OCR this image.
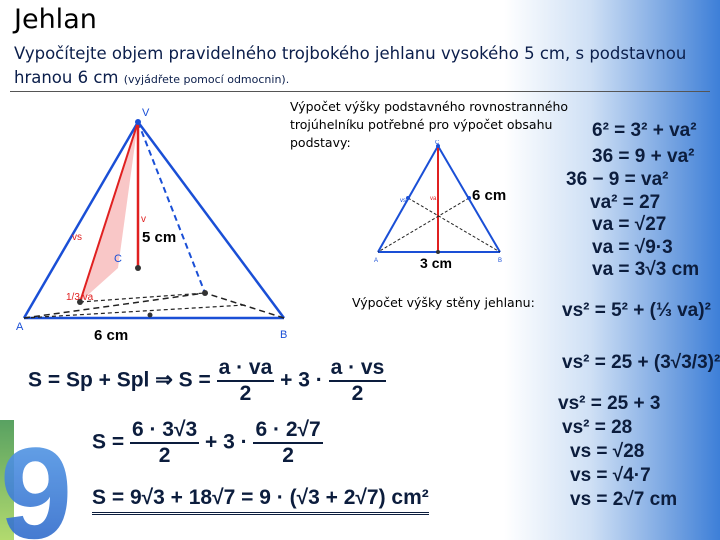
Jehlan
Vypočítejte objem pravidelného trojbokého jehlanu vysokého 5 cm, s podstavnou hranou 6 cm (vyjádřete pomocí odmocnin).
V
A
B
C
vs
v
5 cm
1/3 va
6 cm
Výpočet výšky podstavného rovnostranného trojúhelníku potřebné pro výpočet obsahu podstavy:	C
A	B
va
vs	6 cm
3 cm
6² = 3² + va²
36 = 9 + va²
36 − 9 = va²
va² = 27
va = √27
va = √9·3
va = 3√3 cm
Výpočet výšky stěny jehlanu: vs² = 5² + (⅓ va)²
vs² = 25 + (3√3/3)²
vs² = 25 + 3
vs² = 28
vs = √28
vs = √4·7
vs = 2√7 cm
S = Sp + Spl ⇒ $S = \frac{a \cdot va}{2} + 3 \cdot \frac{a \cdot vs}{2}$
$S = \frac{6 \cdot 3√3}{2} + 3 \cdot \frac{6 \cdot 2√7}{2}$
S = 9√3 + 18√7 = 9 · (√3 + 2√7) cm²
9
